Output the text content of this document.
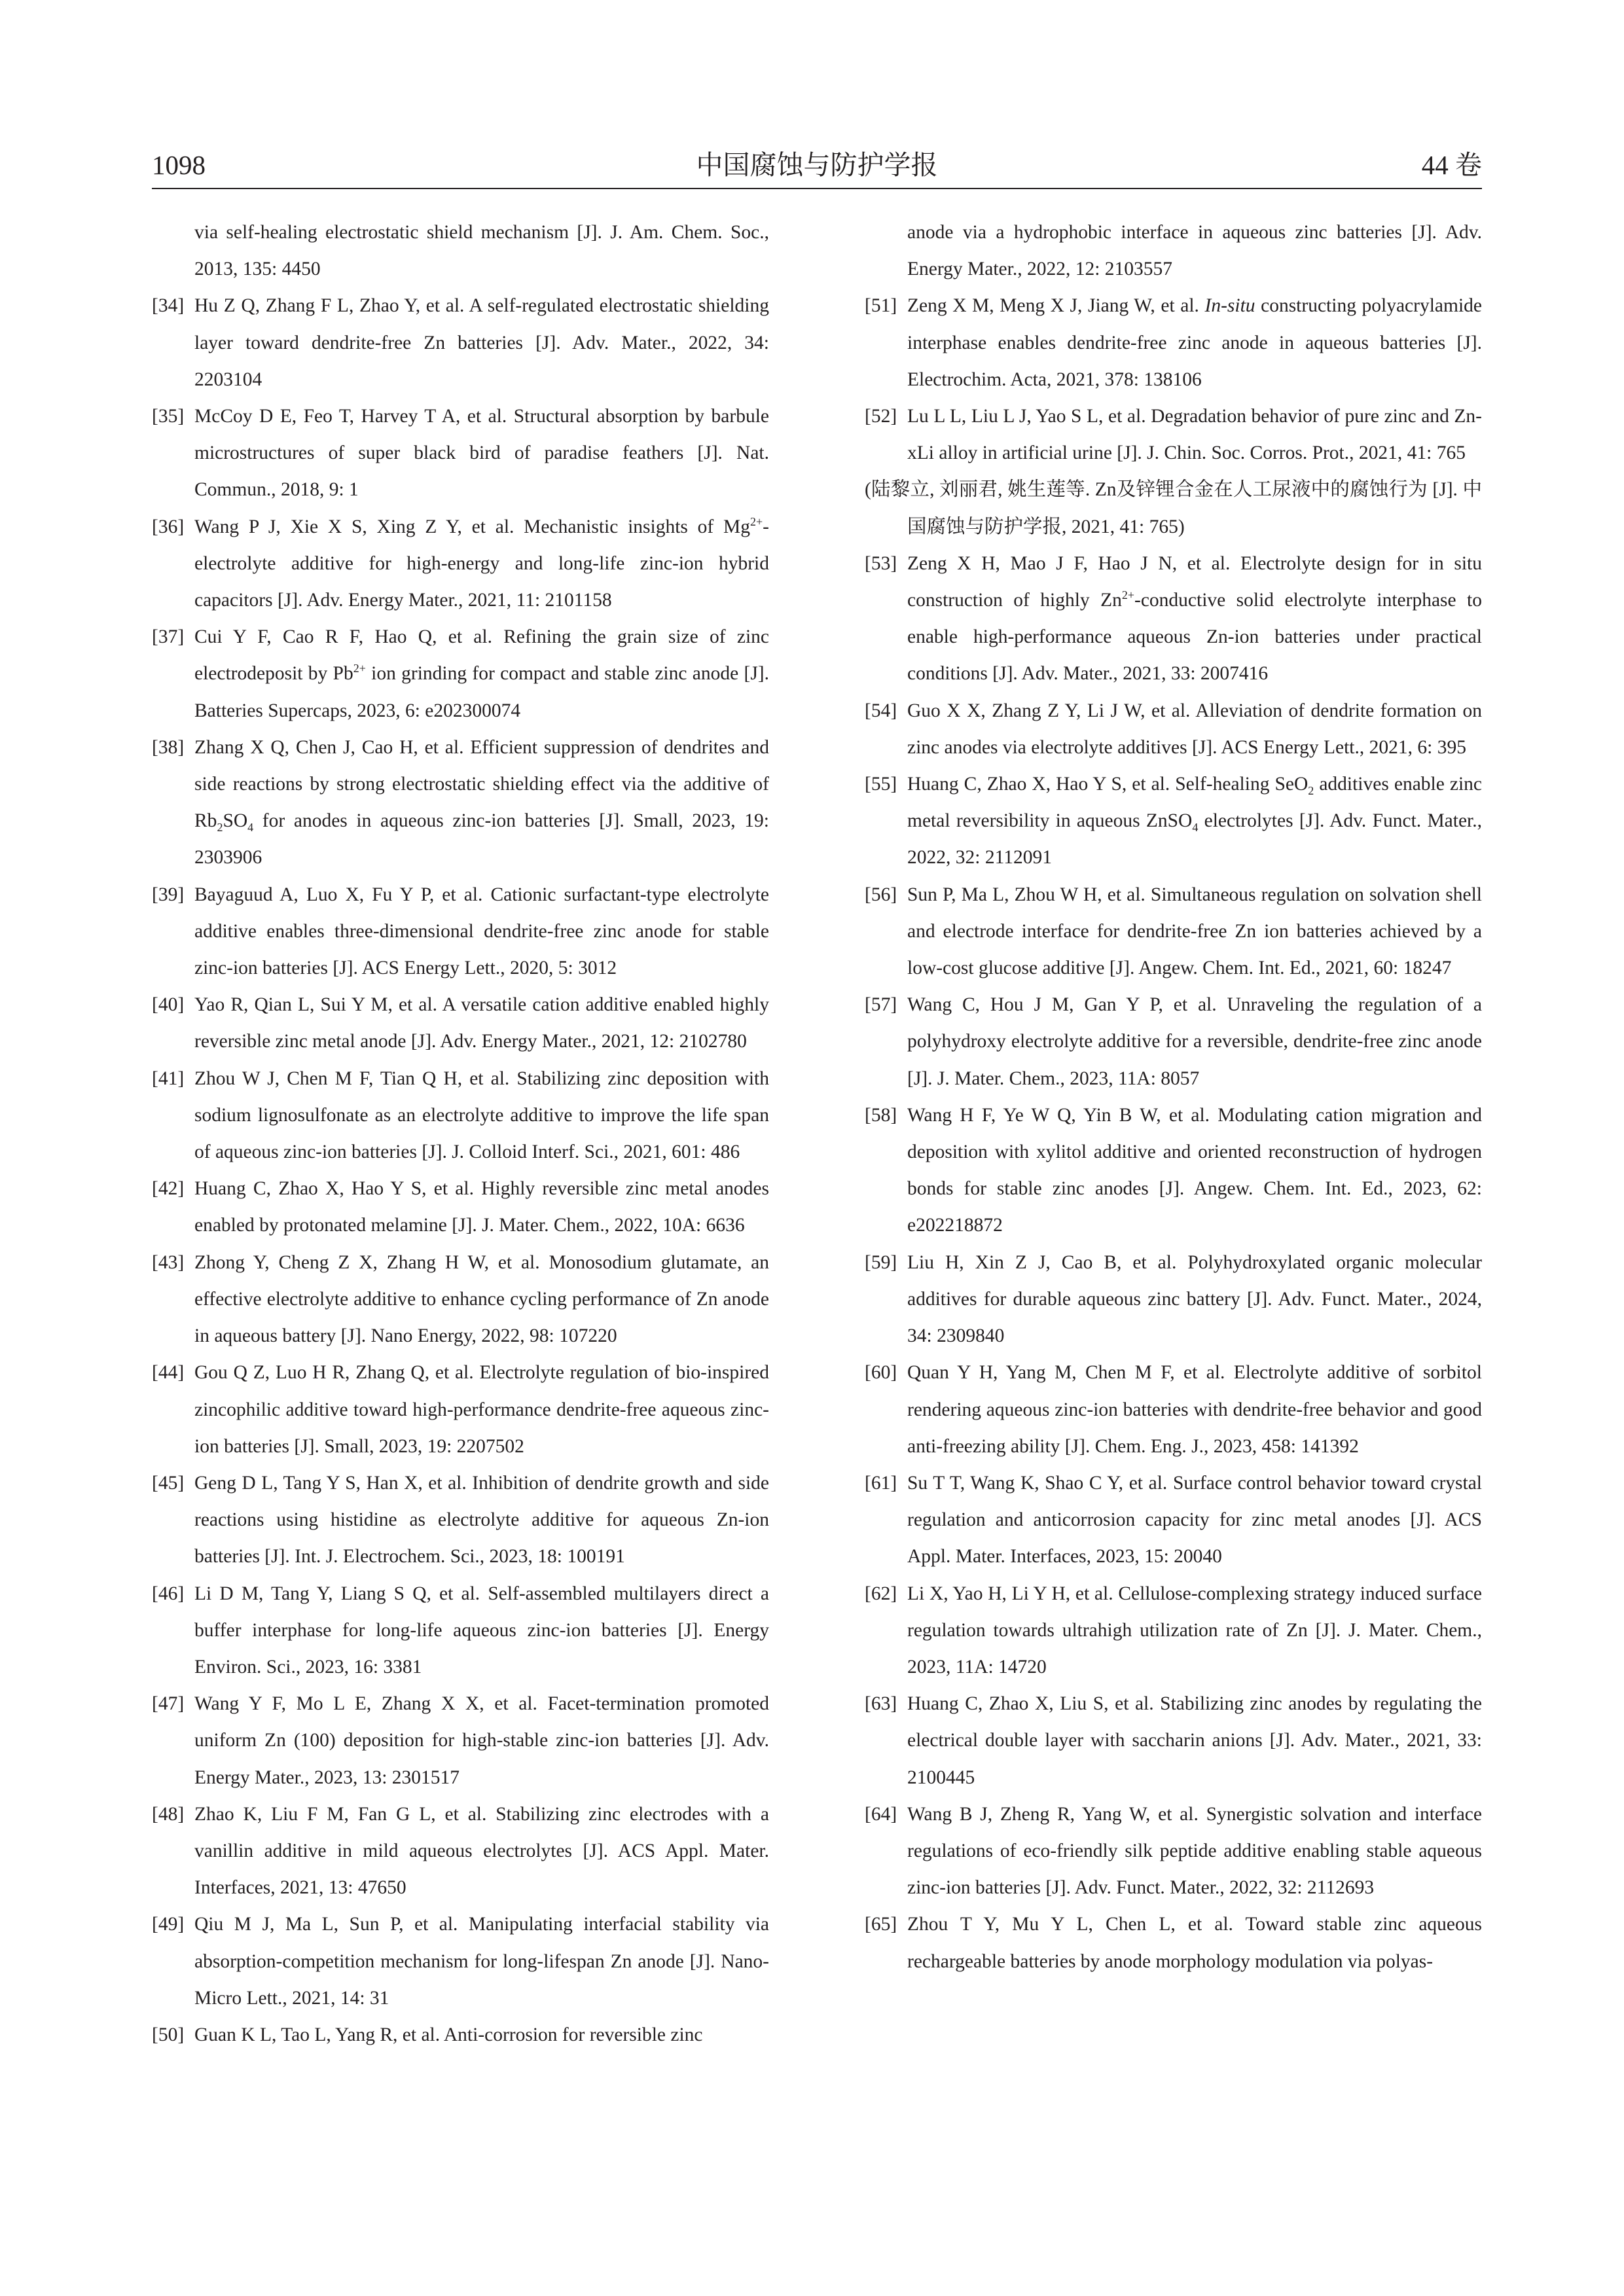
1098	中国腐蚀与防护学报	44 卷
via self-healing electrostatic shield mechanism [J]. J. Am. Chem. Soc., 2013, 135: 4450
[34] Hu Z Q, Zhang F L, Zhao Y, et al. A self-regulated electrostatic shielding layer toward dendrite-free Zn batteries [J]. Adv. Mater., 2022, 34: 2203104
[35] McCoy D E, Feo T, Harvey T A, et al. Structural absorption by barbule microstructures of super black bird of paradise feathers [J]. Nat. Commun., 2018, 9: 1
[36] Wang P J, Xie X S, Xing Z Y, et al. Mechanistic insights of $Mg^{2+}$-electrolyte additive for high-energy and long-life zinc-ion hybrid capacitors [J]. Adv. Energy Mater., 2021, 11: 2101158
[37] Cui Y F, Cao R F, Hao Q, et al. Refining the grain size of zinc electrodeposit by $Pb^{2+}$ ion grinding for compact and stable zinc anode [J]. Batteries Supercaps, 2023, 6: e202300074
[38] Zhang X Q, Chen J, Cao H, et al. Efficient suppression of dendrites and side reactions by strong electrostatic shielding effect via the additive of $Rb_2SO_4$ for anodes in aqueous zinc-ion batteries [J]. Small, 2023, 19: 2303906
[39] Bayaguud A, Luo X, Fu Y P, et al. Cationic surfactant-type electrolyte additive enables three-dimensional dendrite-free zinc anode for stable zinc-ion batteries [J]. ACS Energy Lett., 2020, 5: 3012
[40] Yao R, Qian L, Sui Y M, et al. A versatile cation additive enabled highly reversible zinc metal anode [J]. Adv. Energy Mater., 2021, 12: 2102780
[41] Zhou W J, Chen M F, Tian Q H, et al. Stabilizing zinc deposition with sodium lignosulfonate as an electrolyte additive to improve the life span of aqueous zinc-ion batteries [J]. J. Colloid Interf. Sci., 2021, 601: 486
[42] Huang C, Zhao X, Hao Y S, et al. Highly reversible zinc metal anodes enabled by protonated melamine [J]. J. Mater. Chem., 2022, 10A: 6636
[43] Zhong Y, Cheng Z X, Zhang H W, et al. Monosodium glutamate, an effective electrolyte additive to enhance cycling performance of Zn anode in aqueous battery [J]. Nano Energy, 2022, 98: 107220
[44] Gou Q Z, Luo H R, Zhang Q, et al. Electrolyte regulation of bio-inspired zincophilic additive toward high-performance dendrite-free aqueous zinc-ion batteries [J]. Small, 2023, 19: 2207502
[45] Geng D L, Tang Y S, Han X, et al. Inhibition of dendrite growth and side reactions using histidine as electrolyte additive for aqueous Zn-ion batteries [J]. Int. J. Electrochem. Sci., 2023, 18: 100191
[46] Li D M, Tang Y, Liang S Q, et al. Self-assembled multilayers direct a buffer interphase for long-life aqueous zinc-ion batteries [J]. Energy Environ. Sci., 2023, 16: 3381
[47] Wang Y F, Mo L E, Zhang X X, et al. Facet-termination promoted uniform Zn (100) deposition for high-stable zinc-ion batteries [J]. Adv. Energy Mater., 2023, 13: 2301517
[48] Zhao K, Liu F M, Fan G L, et al. Stabilizing zinc electrodes with a vanillin additive in mild aqueous electrolytes [J]. ACS Appl. Mater. Interfaces, 2021, 13: 47650
[49] Qiu M J, Ma L, Sun P, et al. Manipulating interfacial stability via absorption-competition mechanism for long-lifespan Zn anode [J]. Nano-Micro Lett., 2021, 14: 31
[50] Guan K L, Tao L, Yang R, et al. Anti-corrosion for reversible zinc
anode via a hydrophobic interface in aqueous zinc batteries [J]. Adv. Energy Mater., 2022, 12: 2103557
[51] Zeng X M, Meng X J, Jiang W, et al. In-situ constructing polyacrylamide interphase enables dendrite-free zinc anode in aqueous batteries [J]. Electrochim. Acta, 2021, 378: 138106
[52] Lu L L, Liu L J, Yao S L, et al. Degradation behavior of pure zinc and Zn-xLi alloy in artificial urine [J]. J. Chin. Soc. Corros. Prot., 2021, 41: 765
(陆黎立, 刘丽君, 姚生莲等. Zn及锌锂合金在人工尿液中的腐蚀行为 [J]. 中国腐蚀与防护学报, 2021, 41: 765)
[53] Zeng X H, Mao J F, Hao J N, et al. Electrolyte design for in situ construction of highly $Zn^{2+}$-conductive solid electrolyte interphase to enable high-performance aqueous Zn-ion batteries under practical conditions [J]. Adv. Mater., 2021, 33: 2007416
[54] Guo X X, Zhang Z Y, Li J W, et al. Alleviation of dendrite formation on zinc anodes via electrolyte additives [J]. ACS Energy Lett., 2021, 6: 395
[55] Huang C, Zhao X, Hao Y S, et al. Self-healing SeO$_2$ additives enable zinc metal reversibility in aqueous ZnSO$_4$ electrolytes [J]. Adv. Funct. Mater., 2022, 32: 2112091
[56] Sun P, Ma L, Zhou W H, et al. Simultaneous regulation on solvation shell and electrode interface for dendrite-free Zn ion batteries achieved by a low-cost glucose additive [J]. Angew. Chem. Int. Ed., 2021, 60: 18247
[57] Wang C, Hou J M, Gan Y P, et al. Unraveling the regulation of a polyhydroxy electrolyte additive for a reversible, dendrite-free zinc anode [J]. J. Mater. Chem., 2023, 11A: 8057
[58] Wang H F, Ye W Q, Yin B W, et al. Modulating cation migration and deposition with xylitol additive and oriented reconstruction of hydrogen bonds for stable zinc anodes [J]. Angew. Chem. Int. Ed., 2023, 62: e202218872
[59] Liu H, Xin Z J, Cao B, et al. Polyhydroxylated organic molecular additives for durable aqueous zinc battery [J]. Adv. Funct. Mater., 2024, 34: 2309840
[60] Quan Y H, Yang M, Chen M F, et al. Electrolyte additive of sorbitol rendering aqueous zinc-ion batteries with dendrite-free behavior and good anti-freezing ability [J]. Chem. Eng. J., 2023, 458: 141392
[61] Su T T, Wang K, Shao C Y, et al. Surface control behavior toward crystal regulation and anticorrosion capacity for zinc metal anodes [J]. ACS Appl. Mater. Interfaces, 2023, 15: 20040
[62] Li X, Yao H, Li Y H, et al. Cellulose-complexing strategy induced surface regulation towards ultrahigh utilization rate of Zn [J]. J. Mater. Chem., 2023, 11A: 14720
[63] Huang C, Zhao X, Liu S, et al. Stabilizing zinc anodes by regulating the electrical double layer with saccharin anions [J]. Adv. Mater., 2021, 33: 2100445
[64] Wang B J, Zheng R, Yang W, et al. Synergistic solvation and interface regulations of eco-friendly silk peptide additive enabling stable aqueous zinc-ion batteries [J]. Adv. Funct. Mater., 2022, 32: 2112693
[65] Zhou T Y, Mu Y L, Chen L, et al. Toward stable zinc aqueous rechargeable batteries by anode morphology modulation via polyas-
